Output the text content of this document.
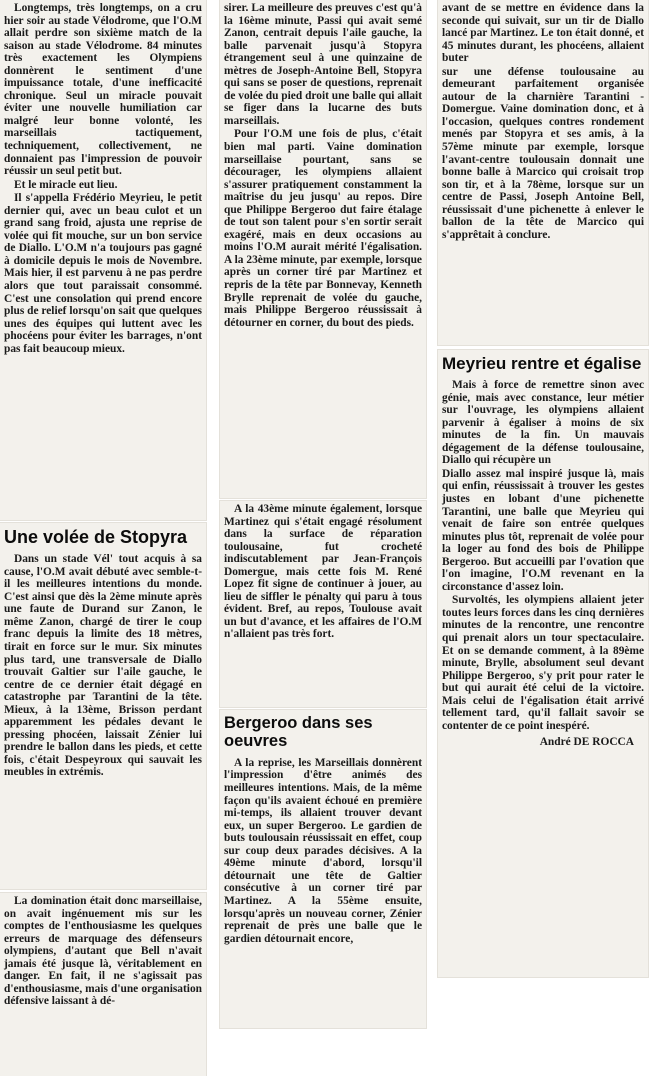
Longtemps, très longtemps, on a cru hier soir au stade Vélodrome, que l'O.M allait perdre son sixième match de la saison au stade Vélodrome. 84 minutes très exactement les Olympiens donnèrent le sentiment d'une impuissance totale, d'une inefficacité chronique. Seul un miracle pouvait éviter une nouvelle humiliation car malgré leur bonne volonté, les marseillais tactiquement, techniquement, collectivement, ne donnaient pas l'impression de pouvoir réussir un seul petit but.

Et le miracle eut lieu.

Il s'appella Frédério Meyrieu, le petit dernier qui, avec un beau culot et un grand sang froid, ajusta une reprise de volée qui fit mouche, sur un bon service de Diallo. L'O.M n'a toujours pas gagné à domicile depuis le mois de Novembre. Mais hier, il est parvenu à ne pas perdre alors que tout paraissait consommé. C'est une consolation qui prend encore plus de relief lorsqu'on sait que quelques unes des équipes qui luttent avec les phocéens pour éviter les barrages, n'ont pas fait beaucoup mieux.

Une volée de Stopyra

Dans un stade Vél' tout acquis à sa cause, l'O.M avait débuté avec semble-t-il les meilleures intentions du monde. C'est ainsi que dès la 2ème minute après une faute de Durand sur Zanon, le même Zanon, chargé de tirer le coup franc depuis la limite des 18 mètres, tirait en force sur le mur. Six minutes plus tard, une transversale de Diallo trouvait Galtier sur l'aile gauche, le centre de ce dernier était dégagé en catastrophe par Tarantini de la tête. Mieux, à la 13ème, Brisson perdant apparemment les pédales devant le pressing phocéen, laissait Zénier lui prendre le ballon dans les pieds, et cette fois, c'était Despeyroux qui sauvait les meubles in extrémis.

La domination était donc marseillaise, on avait ingénuement mis sur les comptes de l'enthousiasme les quelques erreurs de marquage des défenseurs olympiens, d'autant que Bell n'avait jamais été jusque là, véritablement en danger. En fait, il ne s'agissait pas d'enthousiasme, mais d'une organisation défensive laissant à dé-

sirer. La meilleure des preuves c'est qu'à la 16ème minute, Passi qui avait semé Zanon, centrait depuis l'aile gauche, la balle parvenait jusqu'à Stopyra étrangement seul à une quinzaine de mètres de Joseph-Antoine Bell, Stopyra qui sans se poser de questions, reprenait de volée du pied droit une balle qui allait se figer dans la lucarne des buts marseillais.

Pour l'O.M une fois de plus, c'était bien mal parti. Vaine domination marseillaise pourtant, sans se décourager, les olympiens allaient s'assurer pratiquement constamment la maîtrise du jeu jusqu' au repos. Dire que Philippe Bergeroo dut faire étalage de tout son talent pour s'en sortir serait exagéré, mais en deux occasions au moins l'O.M aurait mérité l'égalisation. A la 23ème minute, par exemple, lorsque après un corner tiré par Martinez et repris de la tête par Bonnevay, Kenneth Brylle reprenait de volée du gauche, mais Philippe Bergeroo réussissait à détourner en corner, du bout des pieds.

A la 43ème minute également, lorsque Martinez qui s'était engagé résolument dans la surface de réparation toulousaine, fut crocheté indiscutablement par Jean-François Domergue, mais cette fois M. René Lopez fit signe de continuer à jouer, au lieu de siffler le pénalty qui paru à tous évident. Bref, au repos, Toulouse avait un but d'avance, et les affaires de l'O.M n'allaient pas très fort.

Bergeroo dans ses oeuvres

A la reprise, les Marseillais donnèrent l'impression d'être animés des meilleures intentions. Mais, de la même façon qu'ils avaient échoué en première mi-temps, ils allaient trouver devant eux, un super Bergeroo. Le gardien de buts toulousain réussissait en effet, coup sur coup deux parades décisives. A la 49ème minute d'abord, lorsqu'il détournait une tête de Galtier consécutive à un corner tiré par Martinez. A la 55ème ensuite, lorsqu'après un nouveau corner, Zénier reprenait de près une balle que le gardien détournait encore,

avant de se mettre en évidence dans la seconde qui suivait, sur un tir de Diallo lancé par Martinez. Le ton était donné, et 45 minutes durant, les phocéens, allaient buter

sur une défense toulousaine au demeurant parfaitement organisée autour de la charnière Tarantini - Domergue. Vaine domination donc, et à l'occasion, quelques contres rondement menés par Stopyra et ses amis, à la 57ème minute par exemple, lorsque l'avant-centre toulousain donnait une bonne balle à Marcico qui croisait trop son tir, et à la 78ème, lorsque sur un centre de Passi, Joseph Antoine Bell, réussissait d'une pichenette à enlever le ballon de la tête de Marcico qui s'apprêtait à conclure.

Meyrieu rentre et égalise

Mais à force de remettre sinon avec génie, mais avec constance, leur métier sur l'ouvrage, les olympiens allaient parvenir à égaliser à moins de six minutes de la fin. Un mauvais dégagement de la défense toulousaine, Diallo qui récupère un

Diallo assez mal inspiré jusque là, mais qui enfin, réussissait à trouver les gestes justes en lobant d'une pichenette Tarantini, une balle que Meyrieu qui venait de faire son entrée quelques minutes plus tôt, reprenait de volée pour la loger au fond des bois de Philippe Bergeroo. But accueilli par l'ovation que l'on imagine, l'O.M revenant en la circonstance d'assez loin.

Survoltés, les olympiens allaient jeter toutes leurs forces dans les cinq dernières minutes de la rencontre, une rencontre qui prenait alors un tour spectaculaire. Et on se demande comment, à la 89ème minute, Brylle, absolument seul devant Philippe Bergeroo, s'y prit pour rater le but qui aurait été celui de la victoire. Mais celui de l'égalisation était arrivé tellement tard, qu'il fallait savoir se contenter de ce point inespéré.

André DE ROCCA
